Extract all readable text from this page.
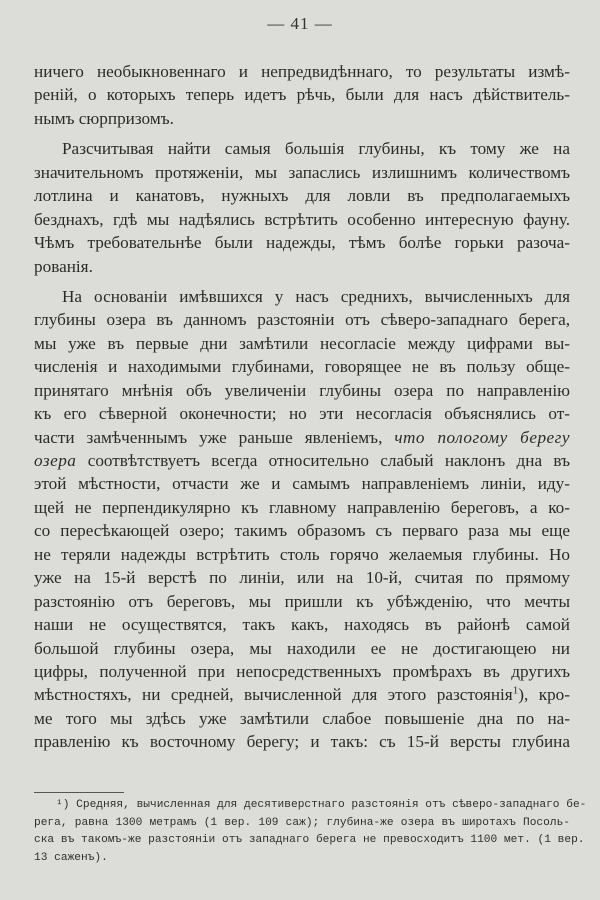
— 41 —
ничего необыкновеннаго и непредвидѣннаго, то результаты измѣ-
реній, о которыхъ теперь идетъ рѣчь, были для насъ дѣйствитель-
нымъ сюрпризомъ.
Разсчитывая найти самыя большія глубины, къ тому же на
значительномъ протяженіи, мы запаслись излишнимъ количествомъ
лотлина и канатовъ, нужныхъ для ловли въ предполагаемыхъ
безднахъ, гдѣ мы надѣялись встрѣтить особенно интересную фауну.
Чѣмъ требовательнѣе были надежды, тѣмъ болѣе горьки разоча-
рованія.
На основаніи имѣвшихся у насъ среднихъ, вычисленныхъ для
глубины озера въ данномъ разстояніи отъ сѣверо-западнаго берега,
мы уже въ первые дни замѣтили несогласіе между цифрами вы-
численія и находимыми глубинами, говорящее не въ пользу обще-
принятаго мнѣнія объ увеличеніи глубины озера по направленію
къ его сѣверной оконечности; но эти несогласія объяснялись от-
части замѣченнымъ уже раньше явленіемъ, что пологому берегу
озера соотвѣтствуетъ всегда относительно слабый наклонъ дна въ
этой мѣстности, отчасти же и самымъ направленіемъ линіи, иду-
щей не перпендикулярно къ главному направленію береговъ, а ко-
со пересѣкающей озеро; такимъ образомъ съ перваго раза мы еще
не теряли надежды встрѣтить столь горячо желаемыя глубины. Но
уже на 15-й верстѣ по линіи, или на 10-й, считая по прямому
разстоянію отъ береговъ, мы пришли къ убѣжденію, что мечты
наши не осуществятся, такъ какъ, находясь въ районѣ самой
большой глубины озера, мы находили ее не достигающею ни
цифры, полученной при непосредственныхъ промѣрахъ въ другихъ
мѣстностяхъ, ни средней, вычисленной для этого разстоянія$^1$), кро-
ме того мы здѣсь уже замѣтили слабое повышеніе дна по на-
правленію къ восточному берегу; и такъ: съ 15-й версты глубина
¹) Средняя, вычисленная для десятиверстнаго разстоянія отъ сѣверо-западнаго бе-
рега, равна 1300 метрамъ (1 вер. 109 саж); глубина-же озера въ широтахъ Посоль-
ска въ такомъ-же разстояніи отъ западнаго берега не превосходитъ 1100 мет. (1 вер.
13 саженъ).
